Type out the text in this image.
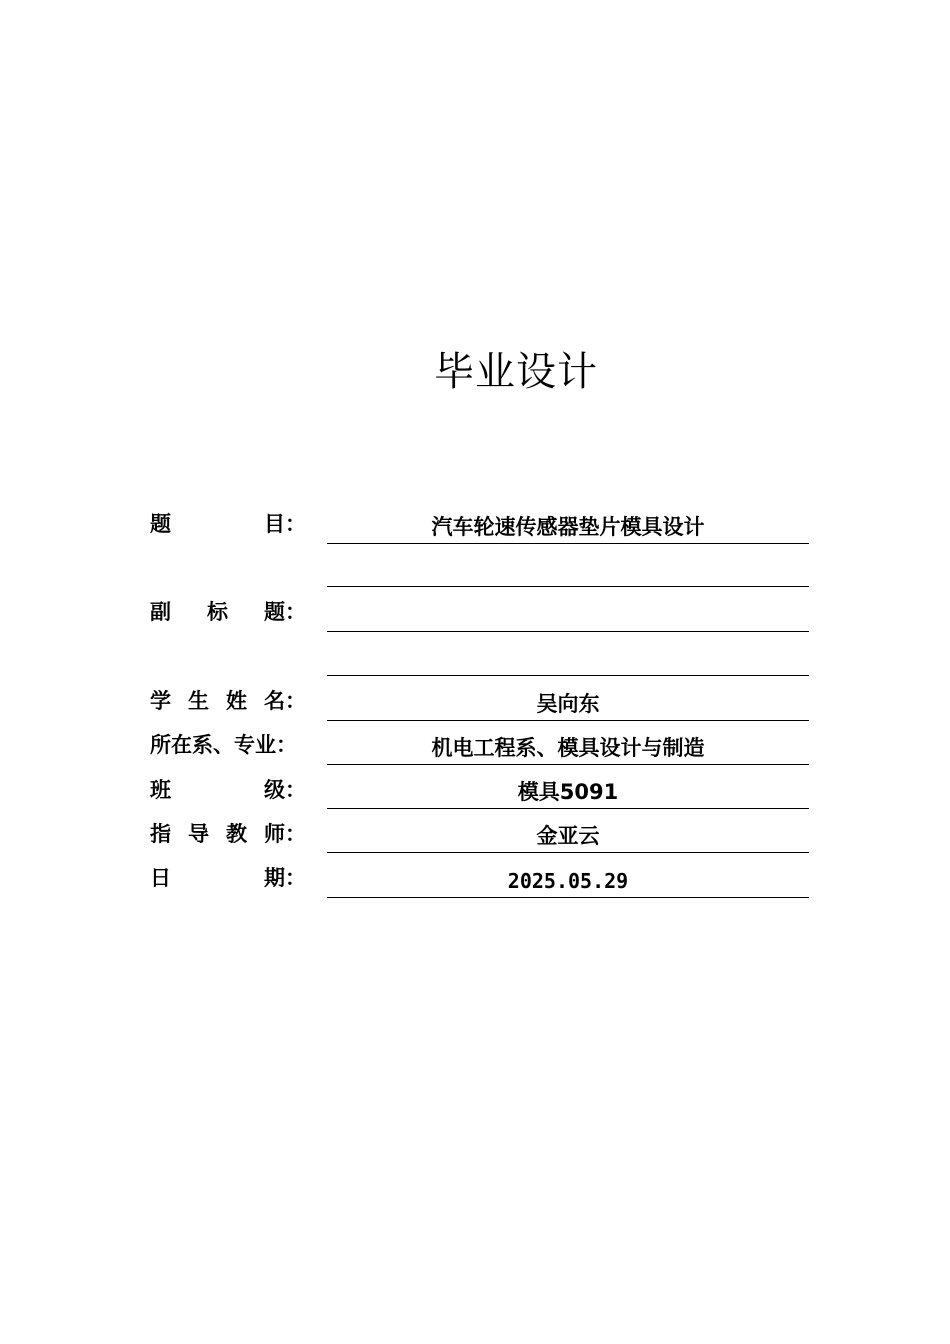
毕业设计
题	目：	汽车轮速传感器垫片模具设计
副 标 题：
学 生 姓 名：	吴向东
所在系、专业：	机电工程系、模具设计与制造
班	级：	模具5091
指 导 教 师：	金亚云
日	期：	2025.05.29
